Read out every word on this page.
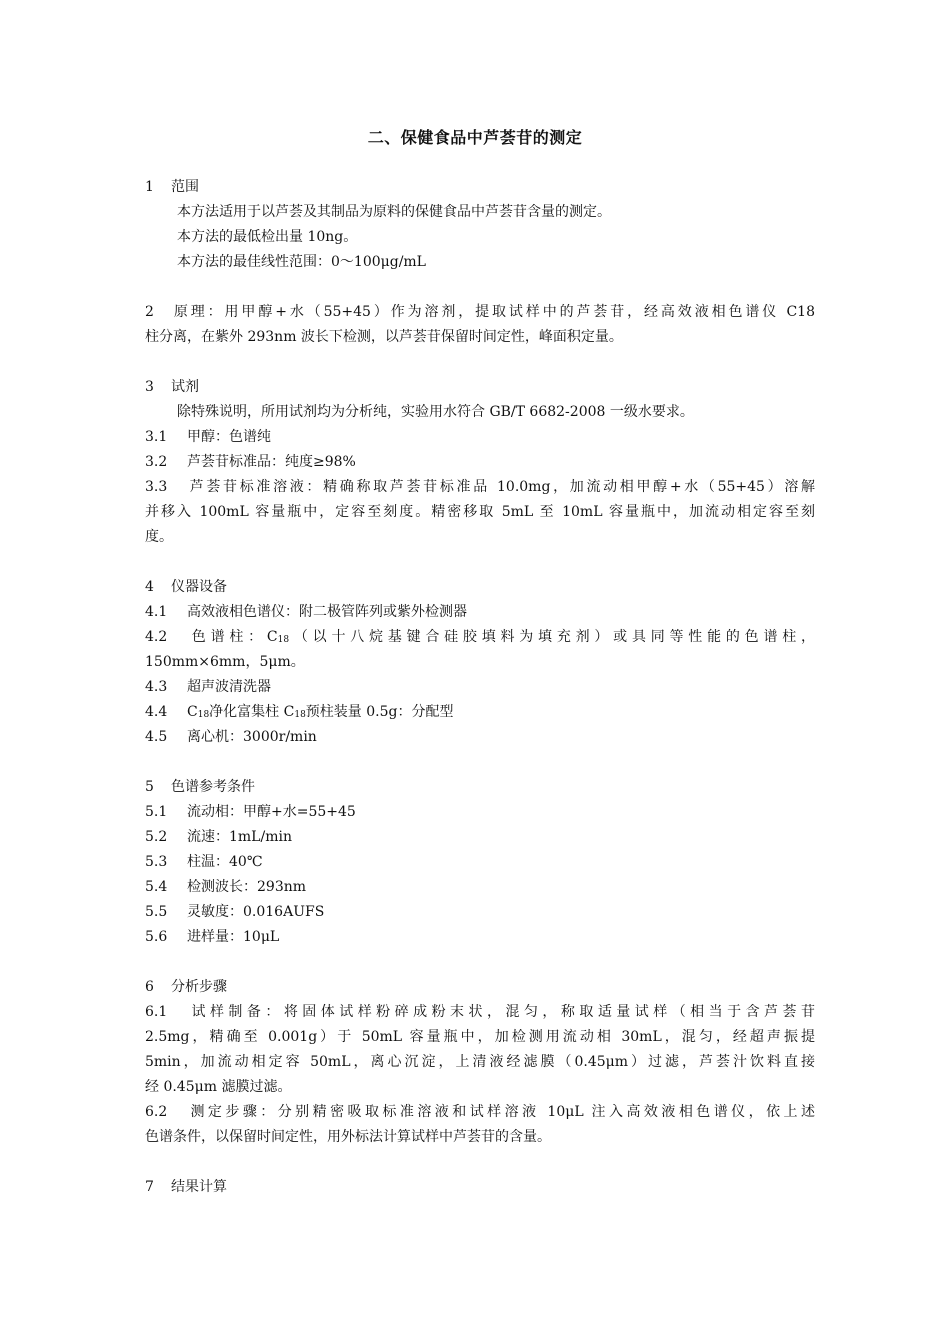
二、保健食品中芦荟苷的测定
1 范围
本方法适用于以芦荟及其制品为原料的保健食品中芦荟苷含量的测定。
本方法的最低检出量 10ng。
本方法的最佳线性范围：0～100μg/mL
2 原理：用甲醇+水（55+45）作为溶剂，提取试样中的芦荟苷，经高效液相色谱仪 C18
柱分离，在紫外 293nm 波长下检测，以芦荟苷保留时间定性，峰面积定量。
3 试剂
除特殊说明，所用试剂均为分析纯，实验用水符合 GB/T 6682-2008 一级水要求。
3.1 甲醇：色谱纯
3.2 芦荟苷标准品：纯度≥98%
3.3 芦荟苷标准溶液：精确称取芦荟苷标准品 10.0mg，加流动相甲醇+水（55+45）溶解
并移入 100mL 容量瓶中，定容至刻度。精密移取 5mL 至 10mL 容量瓶中，加流动相定容至刻
度。
4 仪器设备
4.1 高效液相色谱仪：附二极管阵列或紫外检测器
4.2 色谱柱：$C_{18}$（以十八烷基键合硅胶填料为填充剂）或具同等性能的色谱柱，
150mm×6mm，5μm。
4.3 超声波清洗器
4.4 $C_{18}$净化富集柱 $C_{18}$预柱装量 0.5g：分配型
4.5 离心机：3000r/min
5 色谱参考条件
5.1 流动相：甲醇+水=55+45
5.2 流速：1mL/min
5.3 柱温：40℃
5.4 检测波长：293nm
5.5 灵敏度：0.016AUFS
5.6 进样量：10μL
6 分析步骤
6.1 试样制备：将固体试样粉碎成粉末状，混匀，称取适量试样（相当于含芦荟苷
2.5mg，精确至 0.001g）于 50mL 容量瓶中，加检测用流动相 30mL，混匀，经超声振提
5min，加流动相定容 50mL，离心沉淀，上清液经滤膜（0.45μm）过滤，芦荟汁饮料直接
经 0.45μm 滤膜过滤。
6.2 测定步骤：分别精密吸取标准溶液和试样溶液 10μL 注入高效液相色谱仪，依上述
色谱条件，以保留时间定性，用外标法计算试样中芦荟苷的含量。
7 结果计算
